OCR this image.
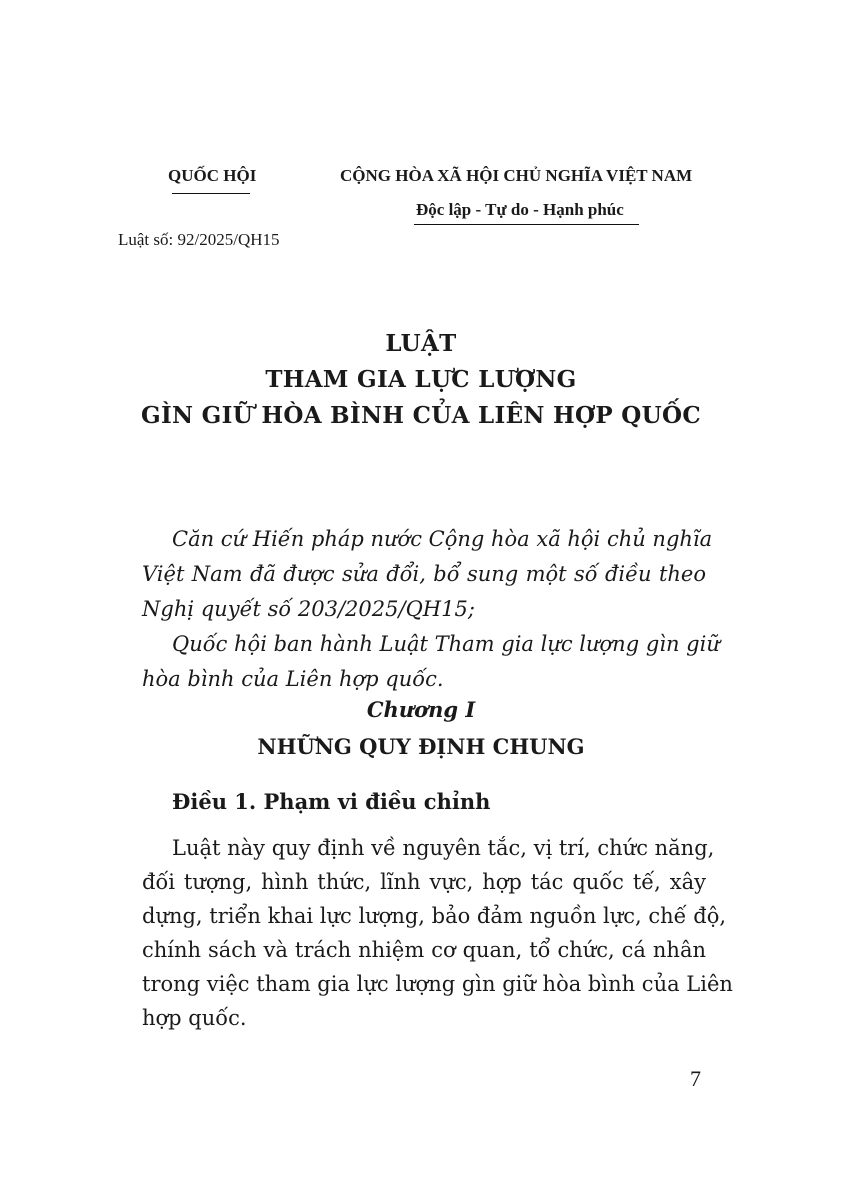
QUỐC HỘI	CỘNG HÒA XÃ HỘI CHỦ NGHĨA VIỆT NAM
Độc lập - Tự do - Hạnh phúc
Luật số: 92/2025/QH15
LUẬT
THAM GIA LỰC LƯỢNG
GÌN GIỮ HÒA BÌNH CỦA LIÊN HỢP QUỐC
Căn cứ Hiến pháp nước Cộng hòa xã hội chủ nghĩa
Việt Nam đã được sửa đổi, bổ sung một số điều theo
Nghị quyết số 203/2025/QH15;
Quốc hội ban hành Luật Tham gia lực lượng gìn giữ
hòa bình của Liên hợp quốc.
Chương I
NHỮNG QUY ĐỊNH CHUNG
Điều 1. Phạm vi điều chỉnh
Luật này quy định về nguyên tắc, vị trí, chức năng,
đối tượng, hình thức, lĩnh vực, hợp tác quốc tế, xây
dựng, triển khai lực lượng, bảo đảm nguồn lực, chế độ,
chính sách và trách nhiệm cơ quan, tổ chức, cá nhân
trong việc tham gia lực lượng gìn giữ hòa bình của Liên
hợp quốc.
7
